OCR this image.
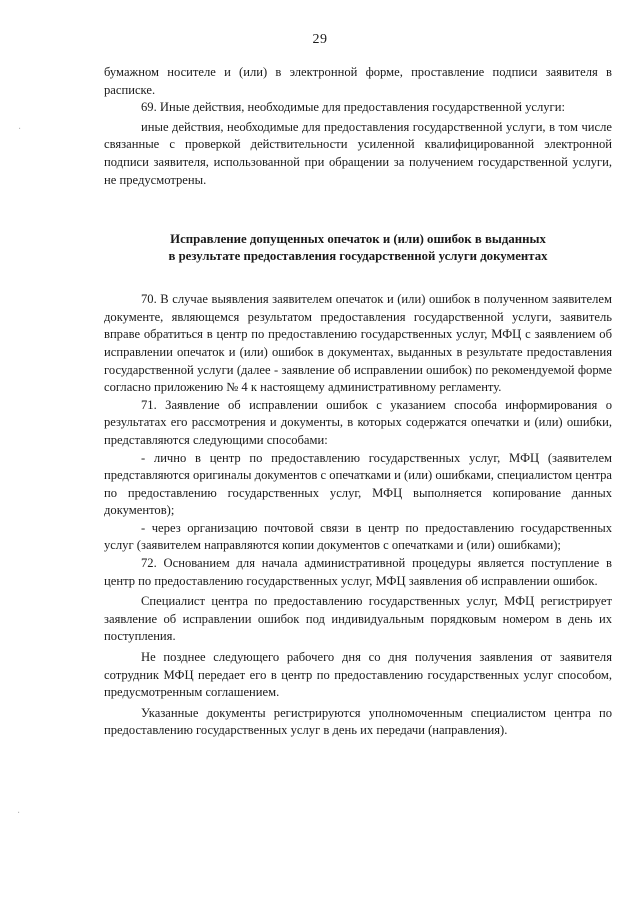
29
·
·

бумажном носителе и (или) в электронной форме, проставление подписи заявителя в расписке.

69. Иные действия, необходимые для предоставления государственной услуги:

иные действия, необходимые для предоставления государственной услуги, в том числе связанные с проверкой действительности усиленной квалифицированной электронной подписи заявителя, использованной при обращении за получением государственной услуги, не предусмотрены.

Исправление допущенных опечаток и (или) ошибок в выданных
в результате предоставления государственной услуги документах

70. В случае выявления заявителем опечаток и (или) ошибок в полученном заявителем документе, являющемся результатом предоставления государственной услуги, заявитель вправе обратиться в центр по предоставлению государственных услуг, МФЦ с заявлением об исправлении опечаток и (или) ошибок в документах, выданных в результате предоставления государственной услуги (далее - заявление об исправлении ошибок) по рекомендуемой форме согласно приложению № 4 к настоящему административному регламенту.

71. Заявление об исправлении ошибок с указанием способа информирования о результатах его рассмотрения и документы, в которых содержатся опечатки и (или) ошибки, представляются следующими способами:

- лично в центр по предоставлению государственных услуг, МФЦ (заявителем представляются оригиналы документов с опечатками и (или) ошибками, специалистом центра по предоставлению государственных услуг, МФЦ выполняется копирование данных документов);

- через организацию почтовой связи в центр по предоставлению государственных услуг (заявителем направляются копии документов с опечатками и (или) ошибками);

72. Основанием для начала административной процедуры является поступление в центр по предоставлению государственных услуг, МФЦ заявления об исправлении ошибок.

Специалист центра по предоставлению государственных услуг, МФЦ регистрирует заявление об исправлении ошибок под индивидуальным порядковым номером в день их поступления.

Не позднее следующего рабочего дня со дня получения заявления от заявителя сотрудник МФЦ передает его в центр по предоставлению государственных услуг способом, предусмотренным соглашением.

Указанные документы регистрируются уполномоченным специалистом центра по предоставлению государственных услуг в день их передачи (направления).
